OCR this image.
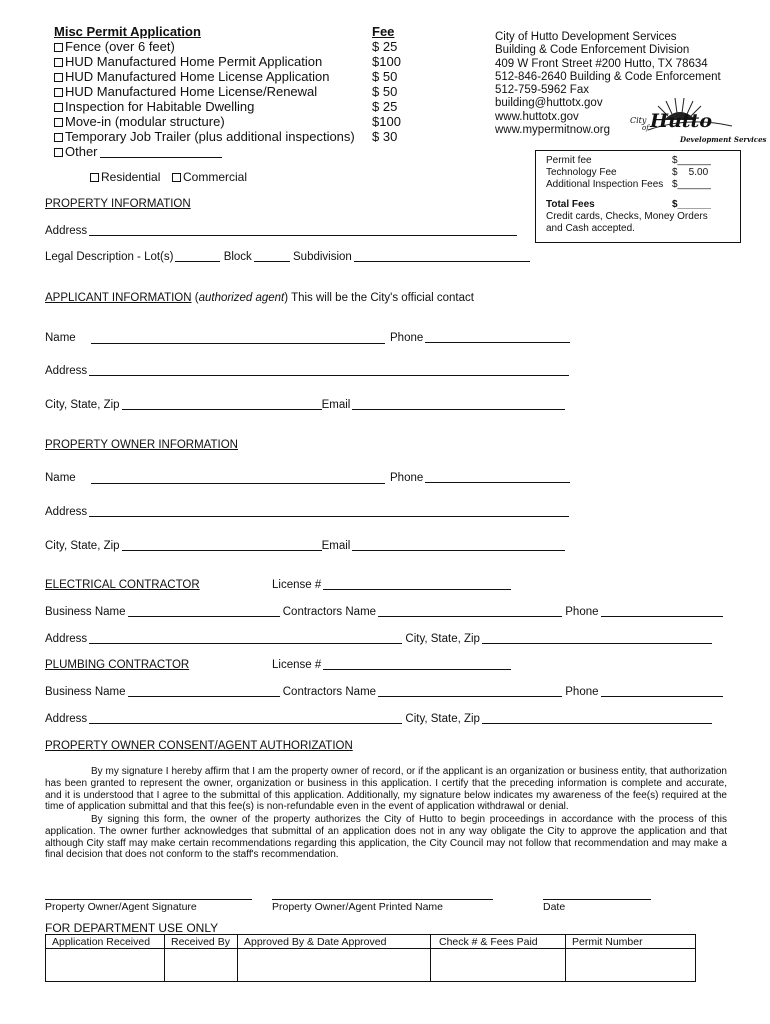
Misc Permit Application	Fee
Fence (over 6 feet)	$ 25
HUD Manufactured Home Permit Application	$100
HUD Manufactured Home License Application	$ 50
HUD Manufactured Home License/Renewal	$ 50
Inspection for Habitable Dwelling	$ 25
Move-in (modular structure)	$100
Temporary Job Trailer (plus additional inspections) $ 30
Other
Residential	Commercial
City of Hutto Development Services
Building & Code Enforcement Division
409 W Front Street #200 Hutto, TX 78634
512-846-2640 Building & Code Enforcement
512-759-5962 Fax
building@huttotx.gov
www.huttotx.gov
www.mypermitnow.org
City
of Hutto
Development Services
Permit fee	$______
Technology Fee	$    5.00
Additional Inspection Fees $______
Total Fees	$______
Credit cards, Checks, Money Orders
and Cash accepted.
PROPERTY INFORMATION
Address
Legal Description - Lot(s)	Block	Subdivision
APPLICANT INFORMATION (authorized agent) This will be the City's official contact
Name	Phone
Address
City, State, Zip	Email
PROPERTY OWNER INFORMATION
Name	Phone
Address
City, State, Zip	Email
ELECTRICAL CONTRACTOR	License #
Business Name	Contractors Name	Phone
Address	City, State, Zip
PLUMBING CONTRACTOR	License #
Business Name	Contractors Name	Phone
Address	City, State, Zip
PROPERTY OWNER CONSENT/AGENT AUTHORIZATION
By my signature I hereby affirm that I am the property owner of record, or if the applicant is an organization or business entity, that authorization has been granted to represent the owner, organization or business in this application. I certify that the preceding information is complete and accurate, and it is understood that I agree to the submittal of this application. Additionally, my signature below indicates my awareness of the fee(s) required at the time of application submittal and that this fee(s) is non-refundable even in the event of application withdrawal or denial.
By signing this form, the owner of the property authorizes the City of Hutto to begin proceedings in accordance with the process of this application. The owner further acknowledges that submittal of an application does not in any way obligate the City to approve the application and that although City staff may make certain recommendations regarding this application, the City Council may not follow that recommendation and may make a final decision that does not conform to the staff's recommendation.
Property Owner/Agent Signature	Property Owner/Agent Printed Name	Date
FOR DEPARTMENT USE ONLY
Application Received	Received By	Approved By & Date Approved	Check # & Fees Paid	Permit Number
